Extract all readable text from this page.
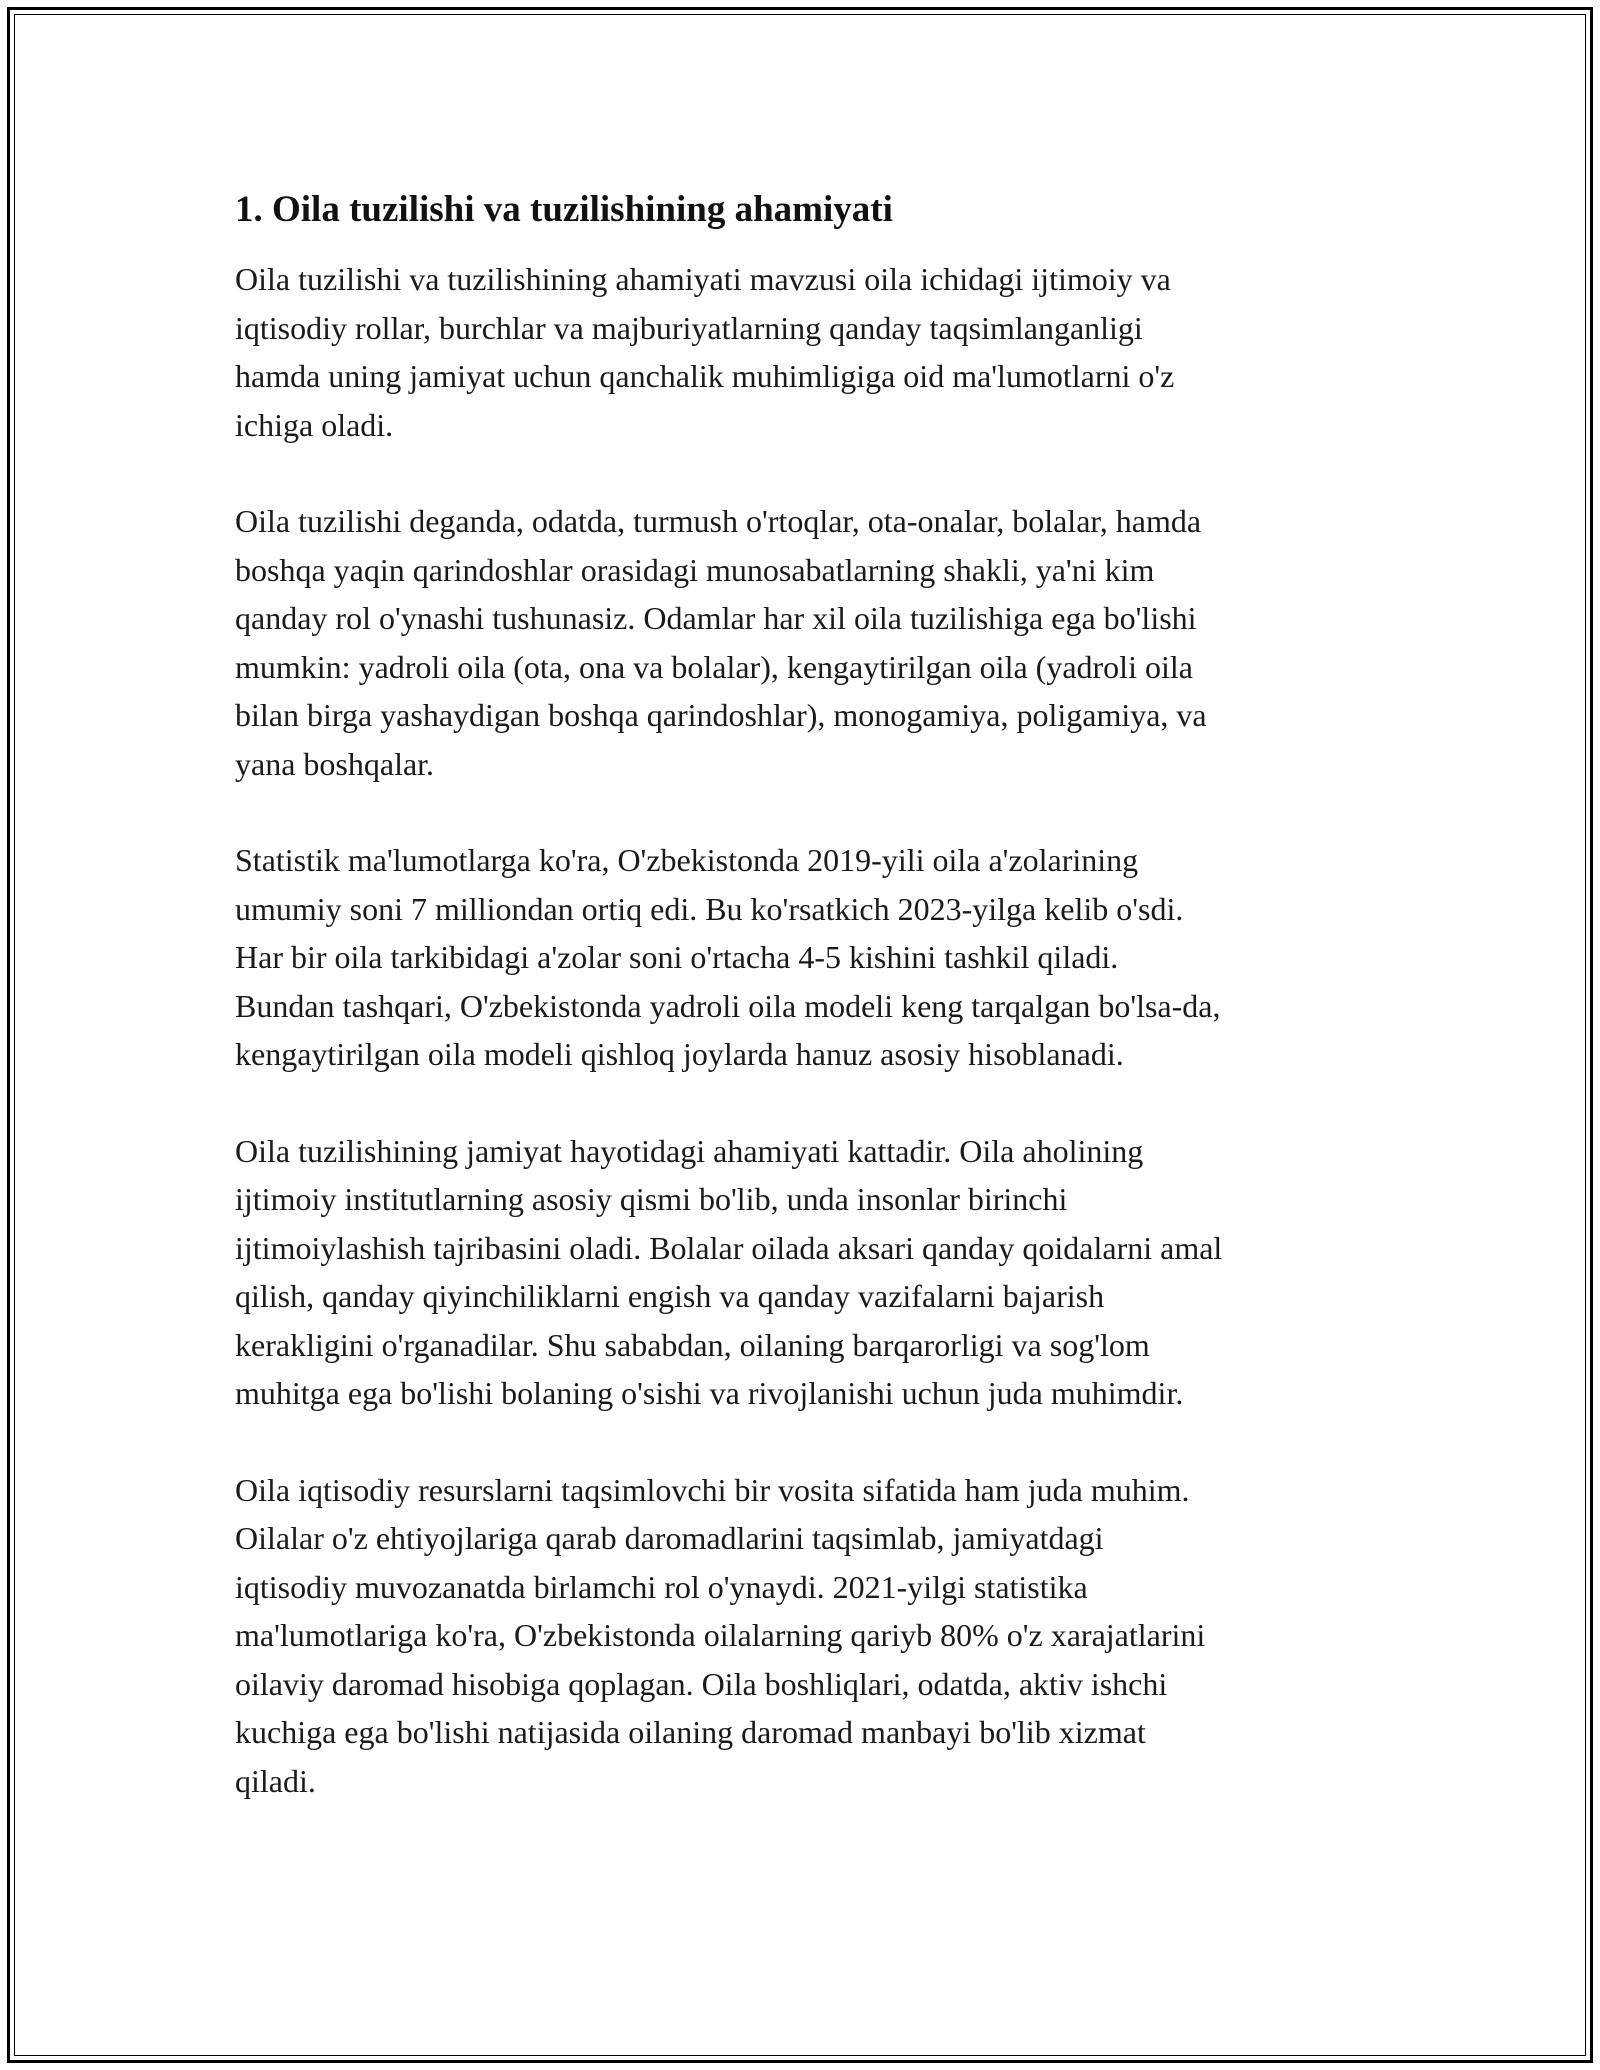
1. Oila tuzilishi va tuzilishining ahamiyati

Oila tuzilishi va tuzilishining ahamiyati mavzusi oila ichidagi ijtimoiy va
iqtisodiy rollar, burchlar va majburiyatlarning qanday taqsimlanganligi
hamda uning jamiyat uchun qanchalik muhimligiga oid ma'lumotlarni o'z
ichiga oladi.

Oila tuzilishi deganda, odatda, turmush o'rtoqlar, ota-onalar, bolalar, hamda
boshqa yaqin qarindoshlar orasidagi munosabatlarning shakli, ya'ni kim
qanday rol o'ynashi tushunasiz. Odamlar har xil oila tuzilishiga ega bo'lishi
mumkin: yadroli oila (ota, ona va bolalar), kengaytirilgan oila (yadroli oila
bilan birga yashaydigan boshqa qarindoshlar), monogamiya, poligamiya, va
yana boshqalar.

Statistik ma'lumotlarga ko'ra, O'zbekistonda 2019-yili oila a'zolarining
umumiy soni 7 milliondan ortiq edi. Bu ko'rsatkich 2023-yilga kelib o'sdi.
Har bir oila tarkibidagi a'zolar soni o'rtacha 4-5 kishini tashkil qiladi.
Bundan tashqari, O'zbekistonda yadroli oila modeli keng tarqalgan bo'lsa-da,
kengaytirilgan oila modeli qishloq joylarda hanuz asosiy hisoblanadi.

Oila tuzilishining jamiyat hayotidagi ahamiyati kattadir. Oila aholining
ijtimoiy institutlarning asosiy qismi bo'lib, unda insonlar birinchi
ijtimoiylashish tajribasini oladi. Bolalar oilada aksari qanday qoidalarni amal
qilish, qanday qiyinchiliklarni engish va qanday vazifalarni bajarish
kerakligini o'rganadilar. Shu sababdan, oilaning barqarorligi va sog'lom
muhitga ega bo'lishi bolaning o'sishi va rivojlanishi uchun juda muhimdir.

Oila iqtisodiy resurslarni taqsimlovchi bir vosita sifatida ham juda muhim.
Oilalar o'z ehtiyojlariga qarab daromadlarini taqsimlab, jamiyatdagi
iqtisodiy muvozanatda birlamchi rol o'ynaydi. 2021-yilgi statistika
ma'lumotlariga ko'ra, O'zbekistonda oilalarning qariyb 80% o'z xarajatlarini
oilaviy daromad hisobiga qoplagan. Oila boshliqlari, odatda, aktiv ishchi
kuchiga ega bo'lishi natijasida oilaning daromad manbayi bo'lib xizmat
qiladi.
